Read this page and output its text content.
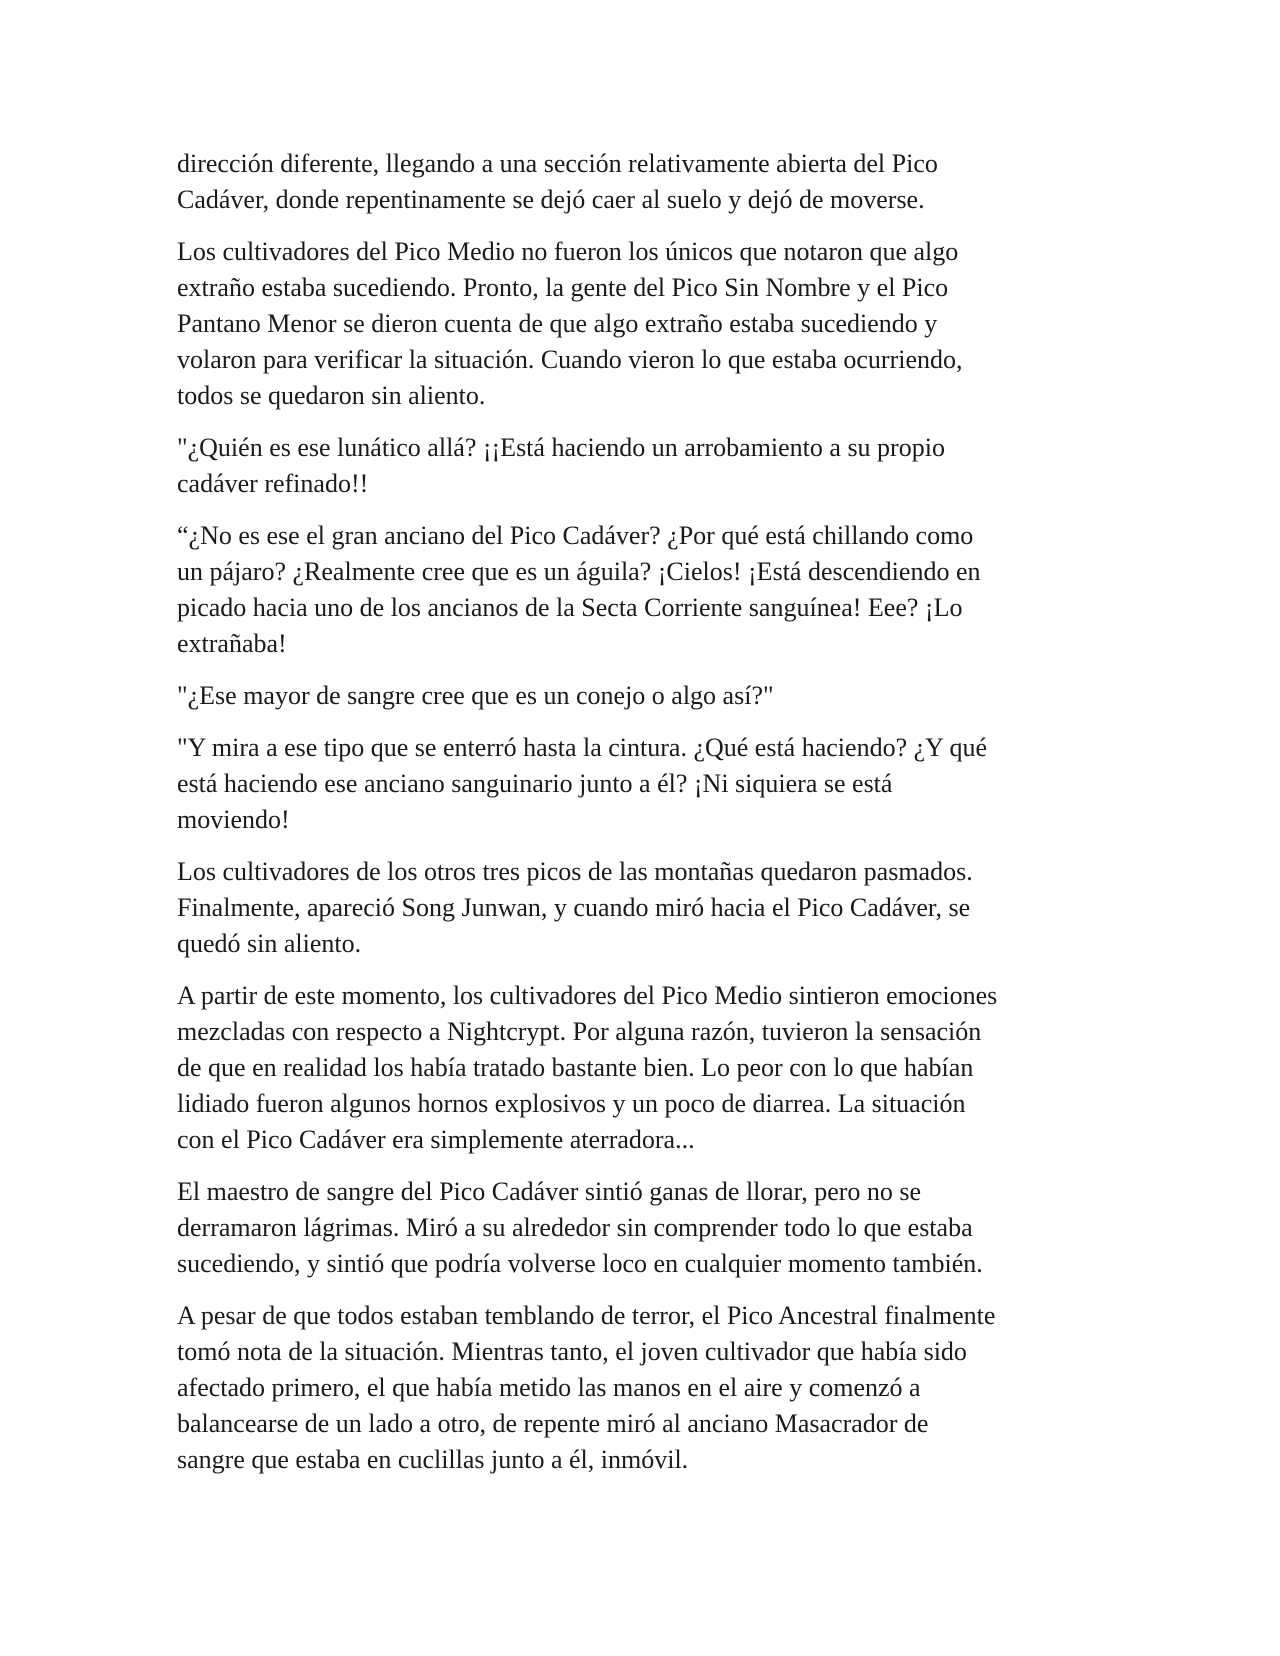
dirección diferente, llegando a una sección relativamente abierta del Pico
Cadáver, donde repentinamente se dejó caer al suelo y dejó de moverse.

Los cultivadores del Pico Medio no fueron los únicos que notaron que algo
extraño estaba sucediendo. Pronto, la gente del Pico Sin Nombre y el Pico
Pantano Menor se dieron cuenta de que algo extraño estaba sucediendo y
volaron para verificar la situación. Cuando vieron lo que estaba ocurriendo,
todos se quedaron sin aliento.

"¿Quién es ese lunático allá? ¡¡Está haciendo un arrobamiento a su propio
cadáver refinado!!

“¿No es ese el gran anciano del Pico Cadáver? ¿Por qué está chillando como
un pájaro? ¿Realmente cree que es un águila? ¡Cielos! ¡Está descendiendo en
picado hacia uno de los ancianos de la Secta Corriente sanguínea! Eee? ¡Lo
extrañaba!

"¿Ese mayor de sangre cree que es un conejo o algo así?"

"Y mira a ese tipo que se enterró hasta la cintura. ¿Qué está haciendo? ¿Y qué
está haciendo ese anciano sanguinario junto a él? ¡Ni siquiera se está
moviendo!

Los cultivadores de los otros tres picos de las montañas quedaron pasmados.
Finalmente, apareció Song Junwan, y cuando miró hacia el Pico Cadáver, se
quedó sin aliento.

A partir de este momento, los cultivadores del Pico Medio sintieron emociones
mezcladas con respecto a Nightcrypt. Por alguna razón, tuvieron la sensación
de que en realidad los había tratado bastante bien. Lo peor con lo que habían
lidiado fueron algunos hornos explosivos y un poco de diarrea. La situación
con el Pico Cadáver era simplemente aterradora...

El maestro de sangre del Pico Cadáver sintió ganas de llorar, pero no se
derramaron lágrimas. Miró a su alrededor sin comprender todo lo que estaba
sucediendo, y sintió que podría volverse loco en cualquier momento también.

A pesar de que todos estaban temblando de terror, el Pico Ancestral finalmente
tomó nota de la situación. Mientras tanto, el joven cultivador que había sido
afectado primero, el que había metido las manos en el aire y comenzó a
balancearse de un lado a otro, de repente miró al anciano Masacrador de
sangre que estaba en cuclillas junto a él, inmóvil.
